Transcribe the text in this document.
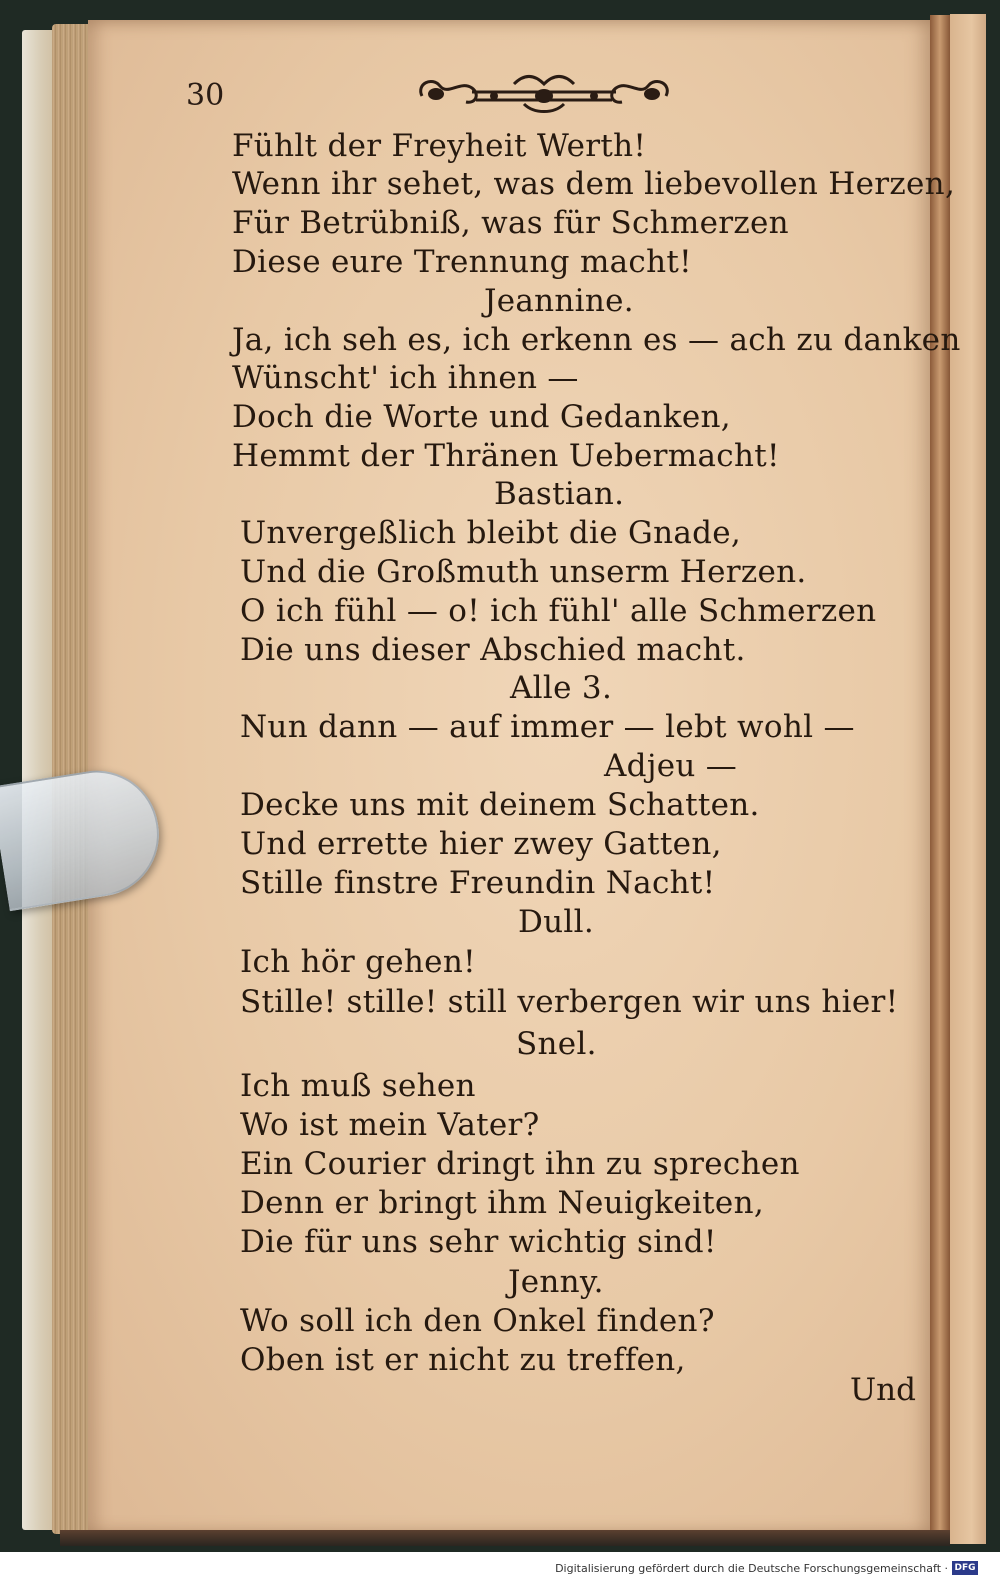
30
Fühlt der Freyheit Werth!
Wenn ihr sehet, was dem liebevollen Herzen,
Für Betrübniß, was für Schmerzen
Diese eure Trennung macht!
Jeannine.
Ja, ich seh es, ich erkenn es — ach zu danken
Wünscht' ich ihnen —
Doch die Worte und Gedanken,
Hemmt der Thränen Uebermacht!
Bastian.
Unvergeßlich bleibt die Gnade,
Und die Großmuth unserm Herzen.
O ich fühl — o! ich fühl' alle Schmerzen
Die uns dieser Abschied macht.
Alle 3.
Nun dann — auf immer — lebt wohl —
Adjeu —
Decke uns mit deinem Schatten.
Und errette hier zwey Gatten,
Stille finstre Freundin Nacht!
Dull.
Ich hör gehen!
Stille! stille! still verbergen wir uns hier!
Snel.
Ich muß sehen
Wo ist mein Vater?
Ein Courier dringt ihn zu sprechen
Denn er bringt ihm Neuigkeiten,
Die für uns sehr wichtig sind!
Jenny.
Wo soll ich den Onkel finden?
Oben ist er nicht zu treffen,
Und
Digitalisierung gefördert durch die Deutsche Forschungsgemeinschaft · DFG
